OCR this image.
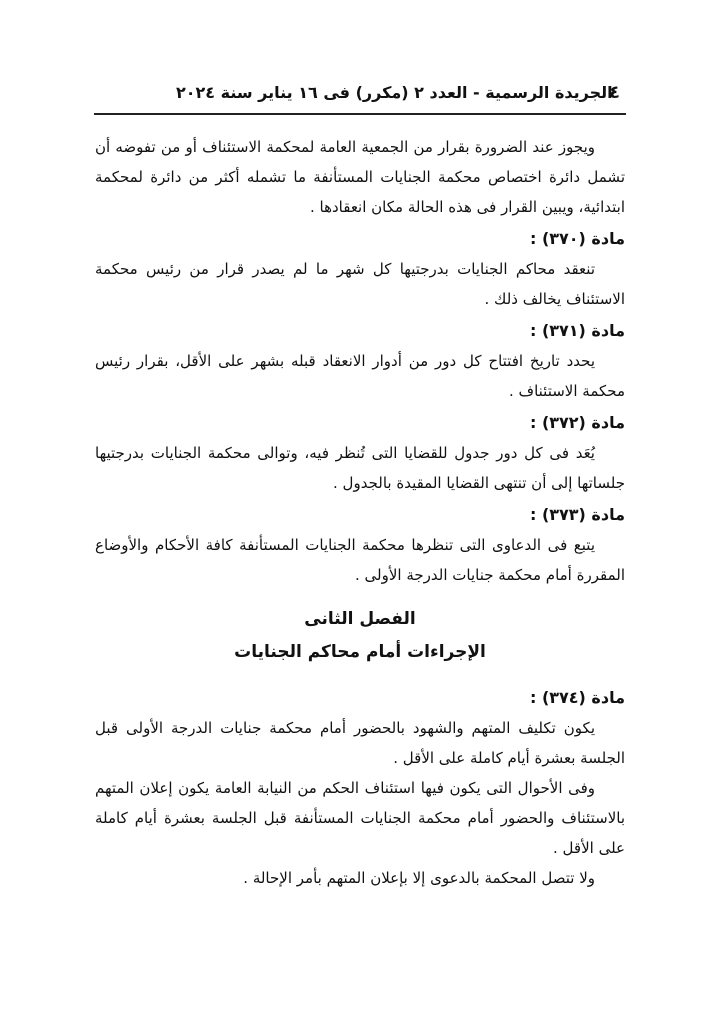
٤
الجريدة الرسمية - العدد ٢ (مكرر) فى ١٦ يناير سنة ٢٠٢٤

ويجوز عند الضرورة بقرار من الجمعية العامة لمحكمة الاستئناف أو من تفوضه أن تشمل دائرة اختصاص محكمة الجنايات المستأنفة ما تشمله أكثر من دائرة لمحكمة ابتدائية، ويبين القرار فى هذه الحالة مكان انعقادها .

مادة (٣٧٠) :

تنعقد محاكم الجنايات بدرجتيها كل شهر ما لم يصدر قرار من رئيس محكمة الاستئناف يخالف ذلك .

مادة (٣٧١) :

يحدد تاريخ افتتاح كل دور من أدوار الانعقاد قبله بشهر على الأقل، بقرار رئيس محكمة الاستئناف .

مادة (٣٧٢) :

يُعَد فى كل دور جدول للقضايا التى تُنظر فيه، وتوالى محكمة الجنايات بدرجتيها جلساتها إلى أن تنتهى القضايا المقيدة بالجدول .

مادة (٣٧٣) :

يتبع فى الدعاوى التى تنظرها محكمة الجنايات المستأنفة كافة الأحكام والأوضاع المقررة أمام محكمة جنايات الدرجة الأولى .

الفصل الثانى
الإجراءات أمام محاكم الجنايات
مادة (٣٧٤) :

يكون تكليف المتهم والشهود بالحضور أمام محكمة جنايات الدرجة الأولى قبل الجلسة بعشرة أيام كاملة على الأقل .

وفى الأحوال التى يكون فيها استئناف الحكم من النيابة العامة يكون إعلان المتهم بالاستئناف والحضور أمام محكمة الجنايات المستأنفة قبل الجلسة بعشرة أيام كاملة على الأقل .

ولا تتصل المحكمة بالدعوى إلا بإعلان المتهم بأمر الإحالة .
